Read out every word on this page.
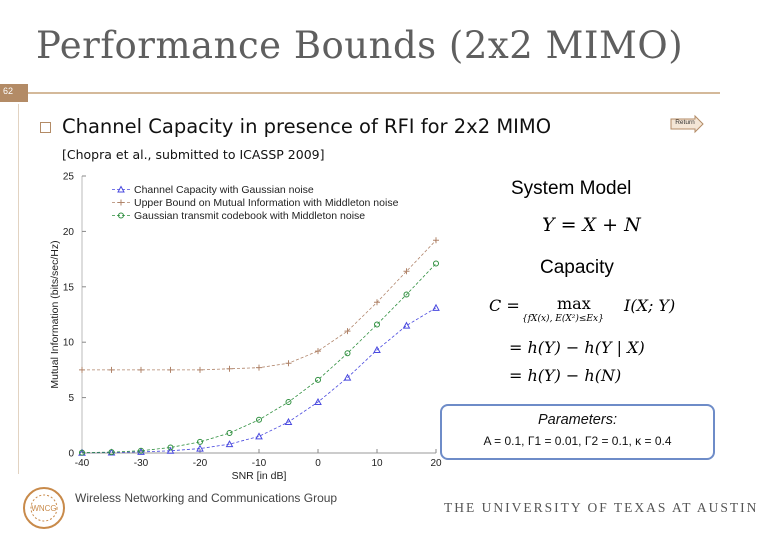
Performance Bounds (2x2 MIMO)
62
Channel Capacity in presence of RFI for 2x2 MIMO
[Chopra et al., submitted to ICASSP 2009]
Return
-40	-30	-20	-10	0	10	20
0
5
10
15
20
25
SNR [in dB]
Mutual Information (bits/sec/Hz)
Channel Capacity with Gaussian noise
Upper Bound on Mutual Information with Middleton noise
Gaussian transmit codebook with Middleton noise
System Model
Y = X + N
Capacity
C = max I(X; Y)
{fX(x), E(X²)≤Ex}
= h(Y) − h(Y | X)
= h(Y) − h(N)
Parameters:
A = 0.1, Γ1 = 0.01, Γ2 = 0.1, κ = 0.4
WNCG
Wireless Networking and Communications Group
THE UNIVERSITY OF TEXAS AT AUSTIN
